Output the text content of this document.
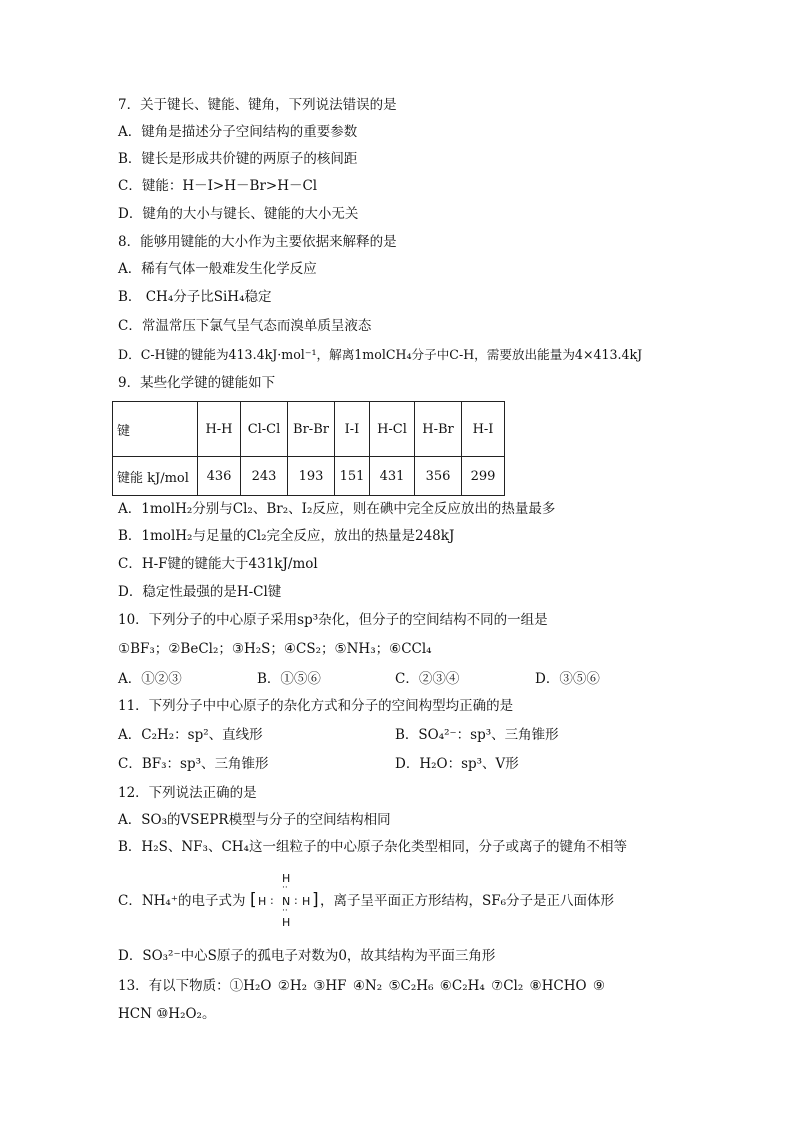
7．关于键长、键能、键角，下列说法错误的是
A．键角是描述分子空间结构的重要参数
B．键长是形成共价键的两原子的核间距
C．键能：H－I>H－Br>H－Cl
D．键角的大小与键长、键能的大小无关
8．能够用键能的大小作为主要依据来解释的是
A．稀有气体一般难发生化学反应
B． CH₄分子比SiH₄稳定
C．常温常压下氯气呈气态而溴单质呈液态
D．C-H键的键能为413.4kJ·mol⁻¹，解离1molCH₄分子中C-H，需要放出能量为4×413.4kJ
9．某些化学键的键能如下
键	H-H	Cl-Cl	Br-Br	I-I	H-Cl	H-Br	H-I
键能 kJ/mol	436	243	193	151	431	356	299
A．1molH₂分别与Cl₂、Br₂、I₂反应，则在碘中完全反应放出的热量最多
B．1molH₂与足量的Cl₂完全反应，放出的热量是248kJ
C．H-F键的键能大于431kJ/mol
D．稳定性最强的是H-Cl键
10．下列分子的中心原子采用sp³杂化，但分子的空间结构不同的一组是
①BF₃；②BeCl₂；③H₂S；④CS₂；⑤NH₃；⑥CCl₄
A．①②③	B．①⑤⑥	C．②③④	D．③⑤⑥
11．下列分子中中心原子的杂化方式和分子的空间构型均正确的是
A．C₂H₂：sp²、直线形	B．SO₄²⁻：sp³、三角锥形
C．BF₃：sp³、三角锥形	D．H₂O：sp³、V形
12．下列说法正确的是
A．SO₃的VSEPR模型与分子的空间结构相同
B．H₂S、NF₃、CH₄这一组粒子的中心原子杂化类型相同，分子或离子的键角不相等
C．NH₄⁺的电子式为 [
H
··
H : N : H
··
H
] ，离子呈平面正方形结构，SF₆分子是正八面体形
D．SO₃²⁻中心S原子的孤电子对数为0，故其结构为平面三角形
13．有以下物质：①H₂O ②H₂ ③HF ④N₂ ⑤C₂H₆ ⑥C₂H₄ ⑦Cl₂ ⑧HCHO ⑨
HCN ⑩H₂O₂。
